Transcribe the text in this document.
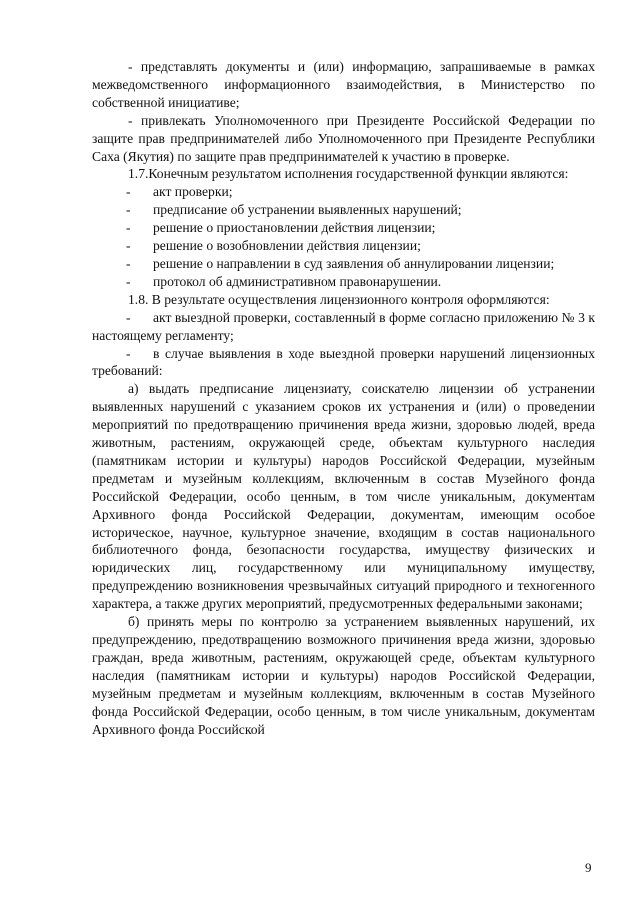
- представлять документы и (или) информацию, запрашиваемые в рамках межведомственного информационного взаимодействия, в Министерство по собственной инициативе;

- привлекать Уполномоченного при Президенте Российской Федерации по защите прав предпринимателей либо Уполномоченного при Президенте Республики Саха (Якутия) по защите прав предпринимателей к участию в проверке.

1.7.Конечным результатом исполнения государственной функции являются:

- акт проверки;

- предписание об устранении выявленных нарушений;

- решение о приостановлении действия лицензии;

- решение о возобновлении действия лицензии;

- решение о направлении в суд заявления об аннулировании лицензии;

- протокол об административном правонарушении.

1.8. В результате осуществления лицензионного контроля оформляются:

- акт выездной проверки, составленный в форме согласно приложению № 3 к настоящему регламенту;

- в случае выявления в ходе выездной проверки нарушений лицензионных требований:

а) выдать предписание лицензиату, соискателю лицензии об устранении выявленных нарушений с указанием сроков их устранения и (или) о проведении мероприятий по предотвращению причинения вреда жизни, здоровью людей, вреда животным, растениям, окружающей среде, объектам культурного наследия (памятникам истории и культуры) народов Российской Федерации, музейным предметам и музейным коллекциям, включенным в состав Музейного фонда Российской Федерации, особо ценным, в том числе уникальным, документам Архивного фонда Российской Федерации, документам, имеющим особое историческое, научное, культурное значение, входящим в состав национального библиотечного фонда, безопасности государства, имуществу физических и юридических лиц, государственному или муниципальному имуществу, предупреждению возникновения чрезвычайных ситуаций природного и техногенного характера, а также других мероприятий, предусмотренных федеральными законами;

б) принять меры по контролю за устранением выявленных нарушений, их предупреждению, предотвращению возможного причинения вреда жизни, здоровью граждан, вреда животным, растениям, окружающей среде, объектам культурного наследия (памятникам истории и культуры) народов Российской Федерации, музейным предметам и музейным коллекциям, включенным в состав Музейного фонда Российской Федерации, особо ценным, в том числе уникальным, документам Архивного фонда Российской

9
